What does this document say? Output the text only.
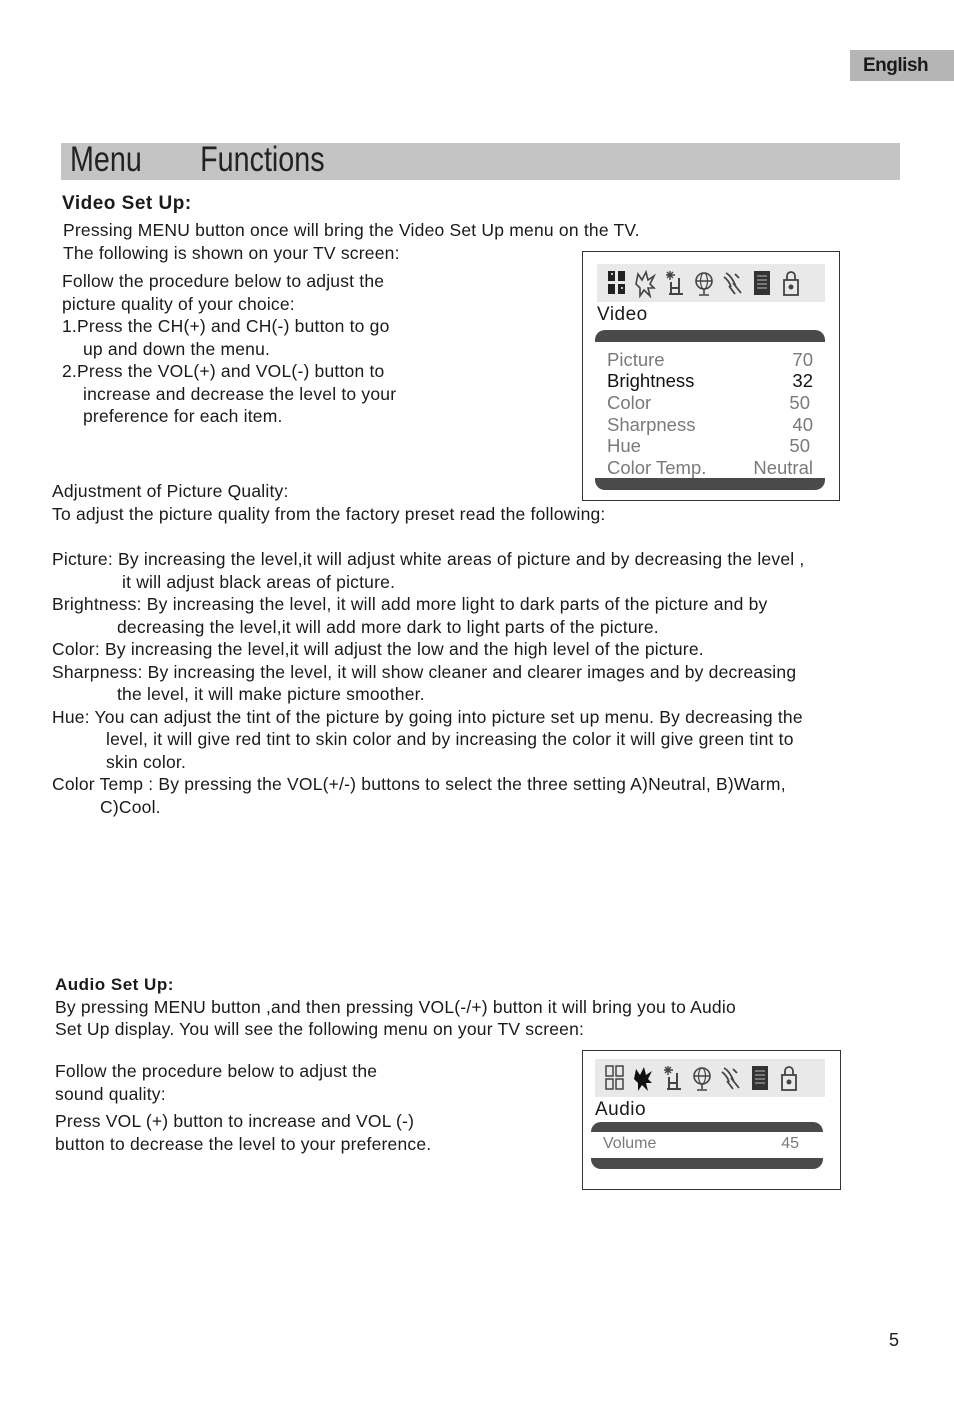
English
Menu   Functions
Video Set Up:
Pressing MENU button once will bring the Video Set Up menu on the TV.
The following is shown on your TV screen:
Follow the procedure below to adjust the
picture quality of your choice:
1.Press the CH(+) and CH(-) button to go
up and down the menu.
2.Press the VOL(+) and VOL(-) button to
increase and decrease the level to your
preference for each item.
Video
Picture	70
Brightness	32
Color	50
Sharpness	40
Hue	50
Color Temp.	Neutral
Adjustment of Picture Quality:
To adjust the picture quality from the factory preset read the following:
Picture: By increasing the level,it will adjust white areas of picture and by decreasing the level ,
it will adjust black areas of picture.
Brightness: By increasing the level, it will add more light to dark parts of the picture and by
decreasing the level,it will add more dark to light parts of the picture.
Color: By increasing the level,it will adjust the low and the high level of the picture.
Sharpness: By increasing the level, it will show cleaner and clearer images and by decreasing
the level, it will make picture smoother.
Hue: You can adjust the tint of the picture by going into picture set up menu. By decreasing the
level, it will give red tint to skin color and by increasing the color it will give green tint to
skin color.
Color Temp : By pressing the VOL(+/-) buttons to select the three setting A)Neutral, B)Warm,
C)Cool.
Audio Set Up:
By pressing MENU button ,and then pressing VOL(-/+) button it will bring you to Audio
Set Up display. You will see the following menu on your TV screen:
Follow the procedure below to adjust the
sound quality:
Press VOL (+) button to increase and VOL (-)
button to decrease the level to your preference.
Audio
Volume	45
5
